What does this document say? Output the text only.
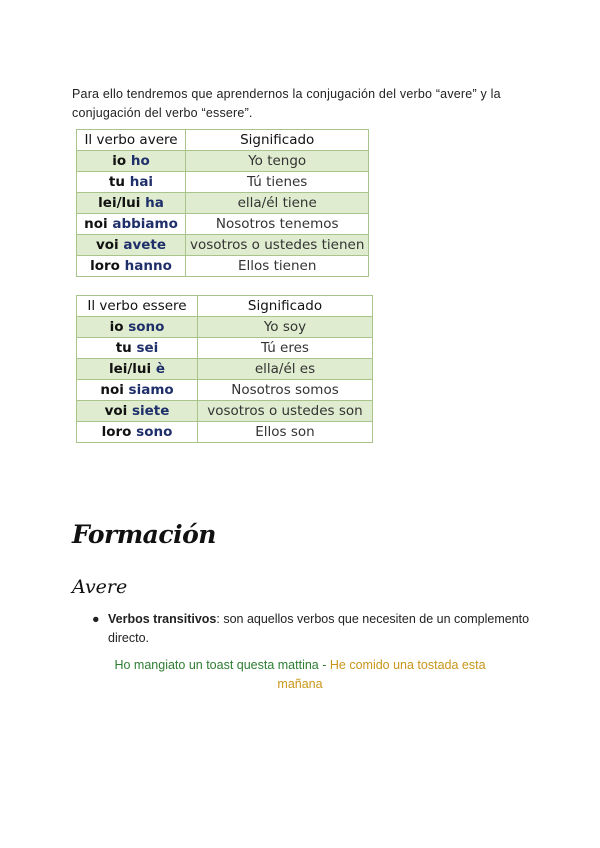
Para ello tendremos que aprendernos la conjugación del verbo “avere” y la conjugación del verbo “essere”.

Il verbo avere	Significado
io ho	Yo tengo
tu hai	Tú tienes
lei/lui ha	ella/él tiene
noi abbiamo	Nosotros tenemos
voi avete	vosotros o ustedes tienen
loro hanno	Ellos tienen
Il verbo essere	Significado
io sono	Yo soy
tu sei	Tú eres
lei/lui è	ella/él es
noi siamo	Nosotros somos
voi siete	vosotros o ustedes son
loro sono	Ellos son
Formación
Avere
● Verbos transitivos: son aquellos verbos que necesiten de un complemento directo.
Ho mangiato un toast questa mattina - He comido una tostada esta mañana
